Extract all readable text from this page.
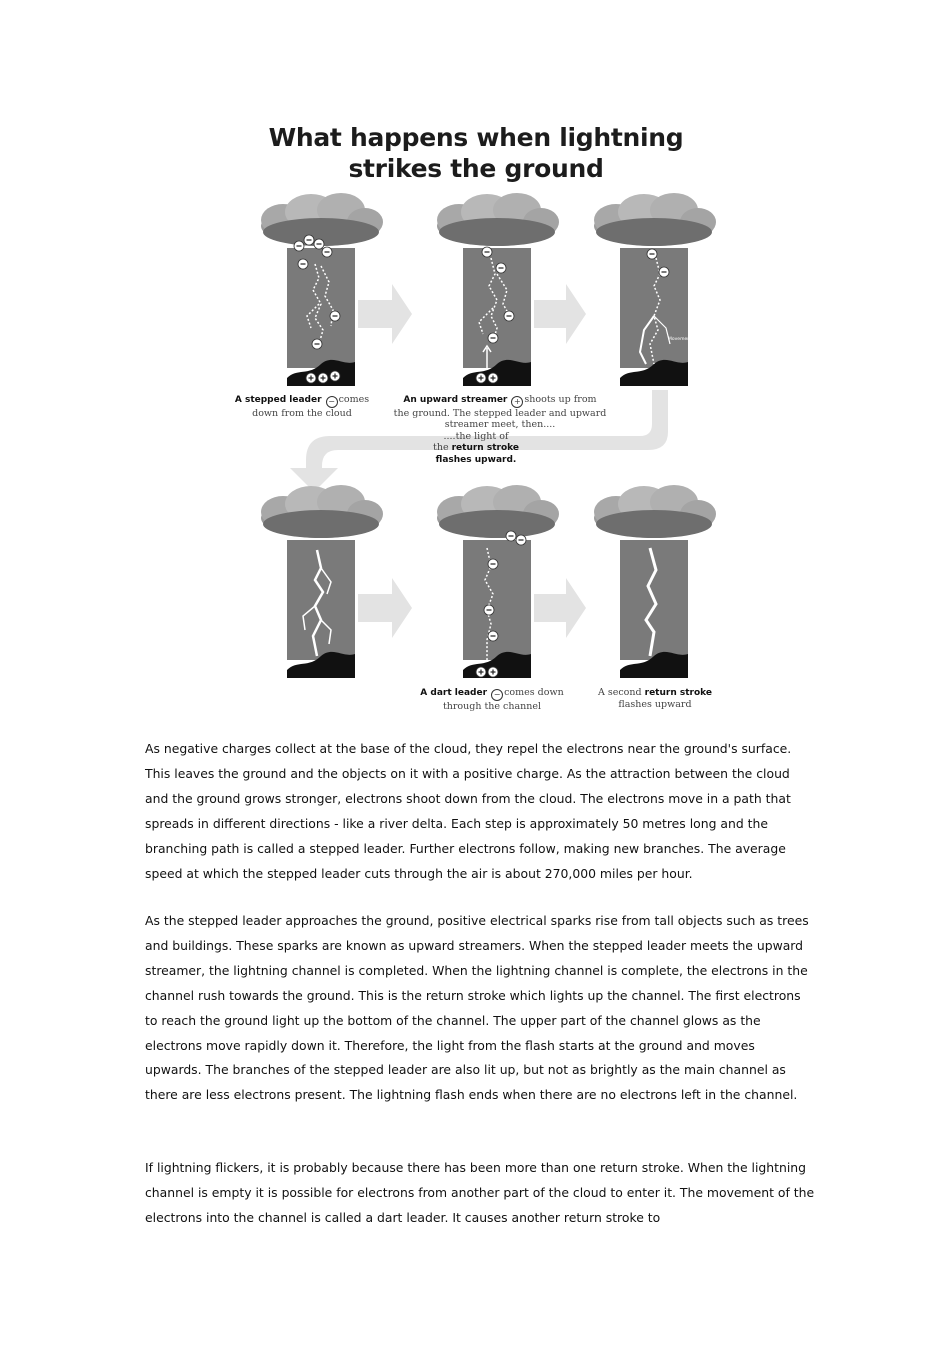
What happens when lightning
strikes the ground
Movement of electrons
A stepped leader − comes
down from the cloud
An upward streamer + shoots up from
the ground. The stepped leader and upward
streamer meet, then....
....the light of
the return stroke
flashes upward.
A dart leader − comes down
through the channel
A second return stroke
flashes upward

As negative charges collect at the base of the cloud, they repel the electrons near the ground's surface. This leaves the ground and the objects on it with a positive charge. As the attraction between the cloud and the ground grows stronger, electrons shoot down from the cloud. The electrons move in a path that spreads in different directions - like a river delta. Each step is approximately 50 metres long and the branching path is called a stepped leader. Further electrons follow, making new branches. The average speed at which the stepped leader cuts through the air is about 270,000 miles per hour.

As the stepped leader approaches the ground, positive electrical sparks rise from tall objects such as trees and buildings. These sparks are known as upward streamers. When the stepped leader meets the upward streamer, the lightning channel is completed. When the lightning channel is complete, the electrons in the channel rush towards the ground. This is the return stroke which lights up the channel. The first electrons to reach the ground light up the bottom of the channel. The upper part of the channel glows as the electrons move rapidly down it. Therefore, the light from the flash starts at the ground and moves upwards. The branches of the stepped leader are also lit up, but not as brightly as the main channel as there are less electrons present. The lightning flash ends when there are no electrons left in the channel.

If lightning flickers, it is probably because there has been more than one return stroke. When the lightning channel is empty it is possible for electrons from another part of the cloud to enter it. The movement of the electrons into the channel is called a dart leader. It causes another return stroke to
